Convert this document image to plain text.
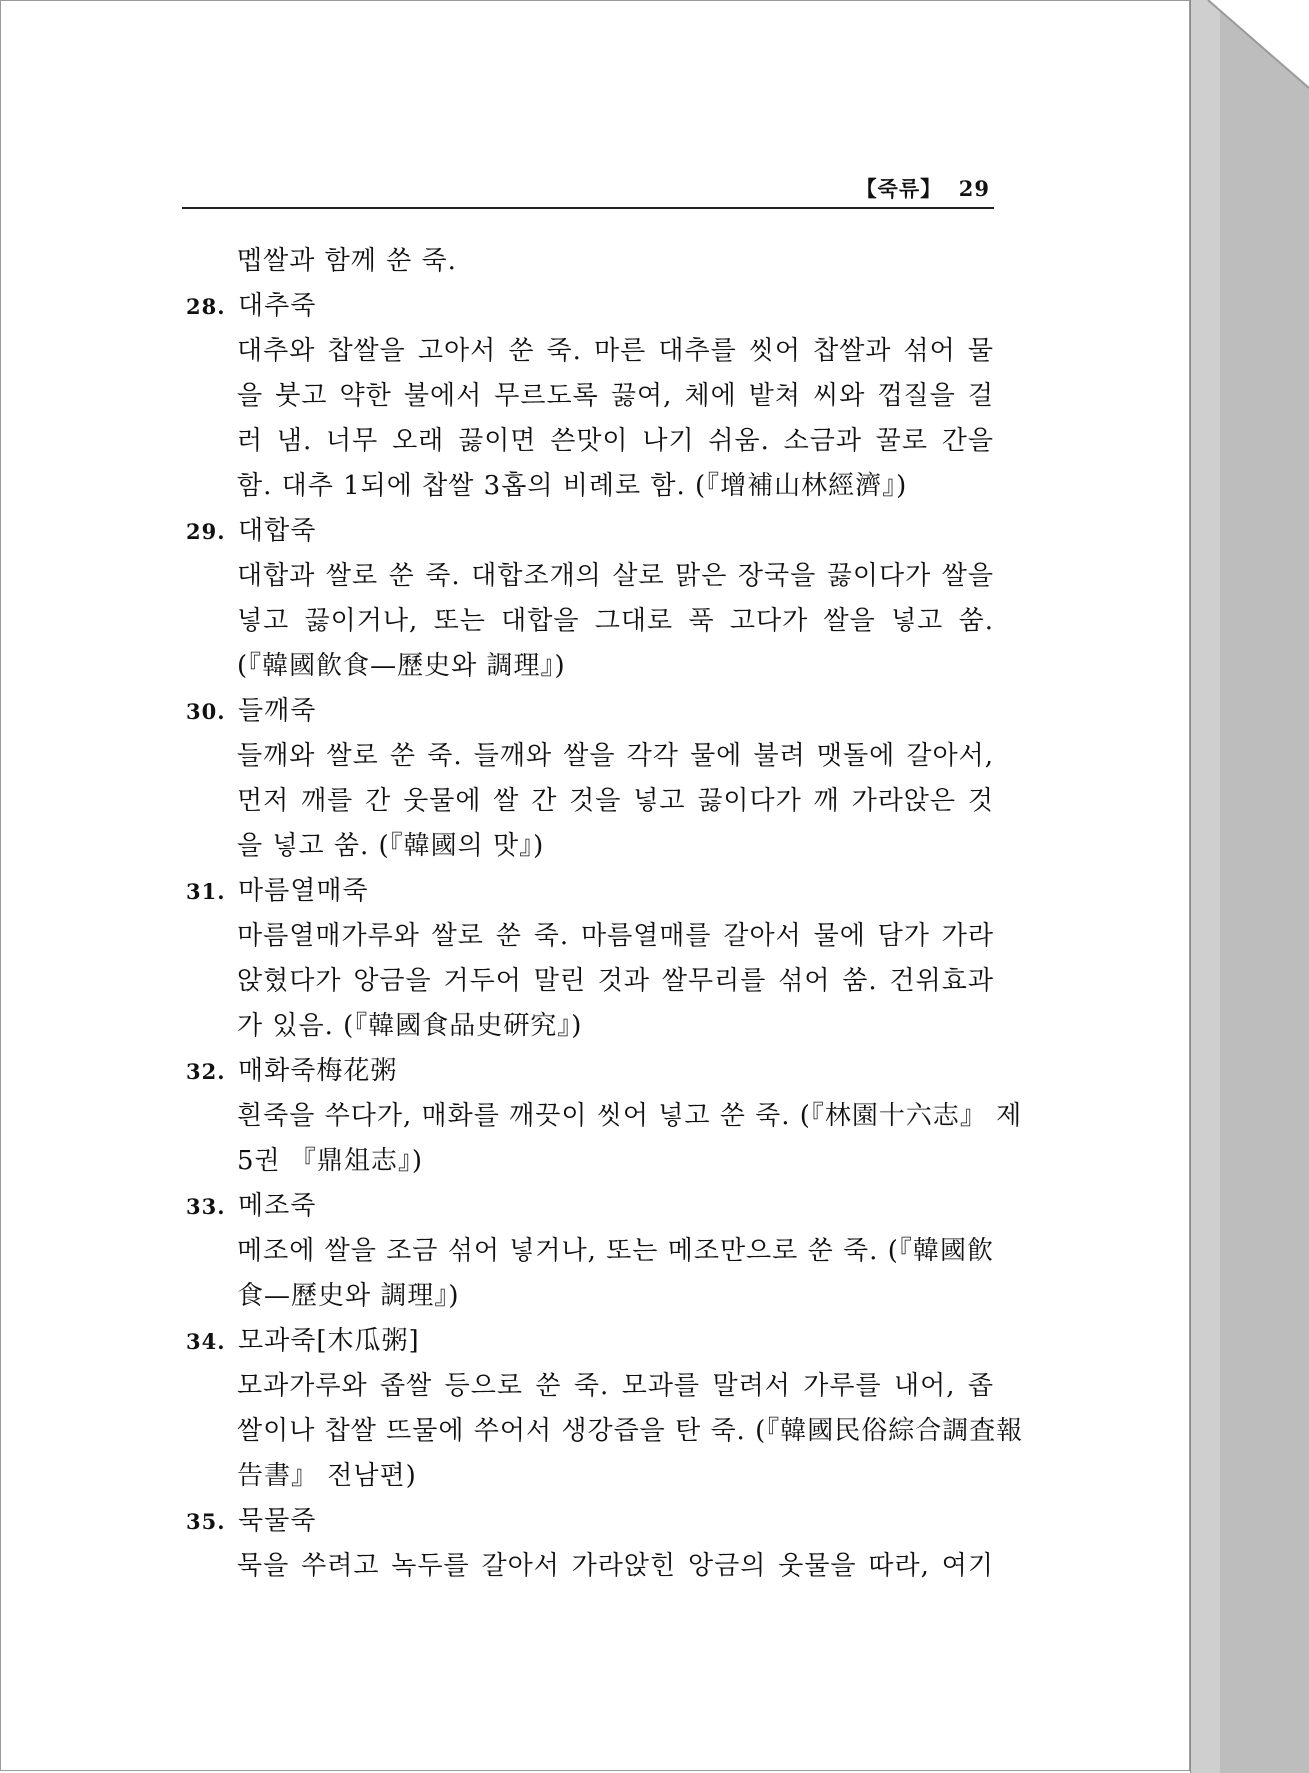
【죽류】 29
멥쌀과 함께 쑨 죽.
28. 대추죽
대추와 찹쌀을 고아서 쑨 죽. 마른 대추를 씻어 찹쌀과 섞어 물
을 붓고 약한 불에서 무르도록 끓여, 체에 밭쳐 씨와 껍질을 걸
러 냄. 너무 오래 끓이면 쓴맛이 나기 쉬움. 소금과 꿀로 간을
함. 대추 1되에 찹쌀 3홉의 비례로 함. (『增補山林經濟』)
29. 대합죽
대합과 쌀로 쑨 죽. 대합조개의 살로 맑은 장국을 끓이다가 쌀을
넣고 끓이거나, 또는 대합을 그대로 푹 고다가 쌀을 넣고 쑴.
(『韓國飮食—歷史와 調理』)
30. 들깨죽
들깨와 쌀로 쑨 죽. 들깨와 쌀을 각각 물에 불려 맷돌에 갈아서,
먼저 깨를 간 웃물에 쌀 간 것을 넣고 끓이다가 깨 가라앉은 것
을 넣고 쑴. (『韓國의 맛』)
31. 마름열매죽
마름열매가루와 쌀로 쑨 죽. 마름열매를 갈아서 물에 담가 가라
앉혔다가 앙금을 거두어 말린 것과 쌀무리를 섞어 쑴. 건위효과
가 있음. (『韓國食品史硏究』)
32. 매화죽梅花粥
흰죽을 쑤다가, 매화를 깨끗이 씻어 넣고 쑨 죽. (『林園十六志』 제
5권 『鼎俎志』)
33. 메조죽
메조에 쌀을 조금 섞어 넣거나, 또는 메조만으로 쑨 죽. (『韓國飮
食—歷史와 調理』)
34. 모과죽[木瓜粥]
모과가루와 좁쌀 등으로 쑨 죽. 모과를 말려서 가루를 내어, 좁
쌀이나 찹쌀 뜨물에 쑤어서 생강즙을 탄 죽. (『韓國民俗綜合調査報
告書』 전남편)
35. 묵물죽
묵을 쑤려고 녹두를 갈아서 가라앉힌 앙금의 웃물을 따라, 여기
